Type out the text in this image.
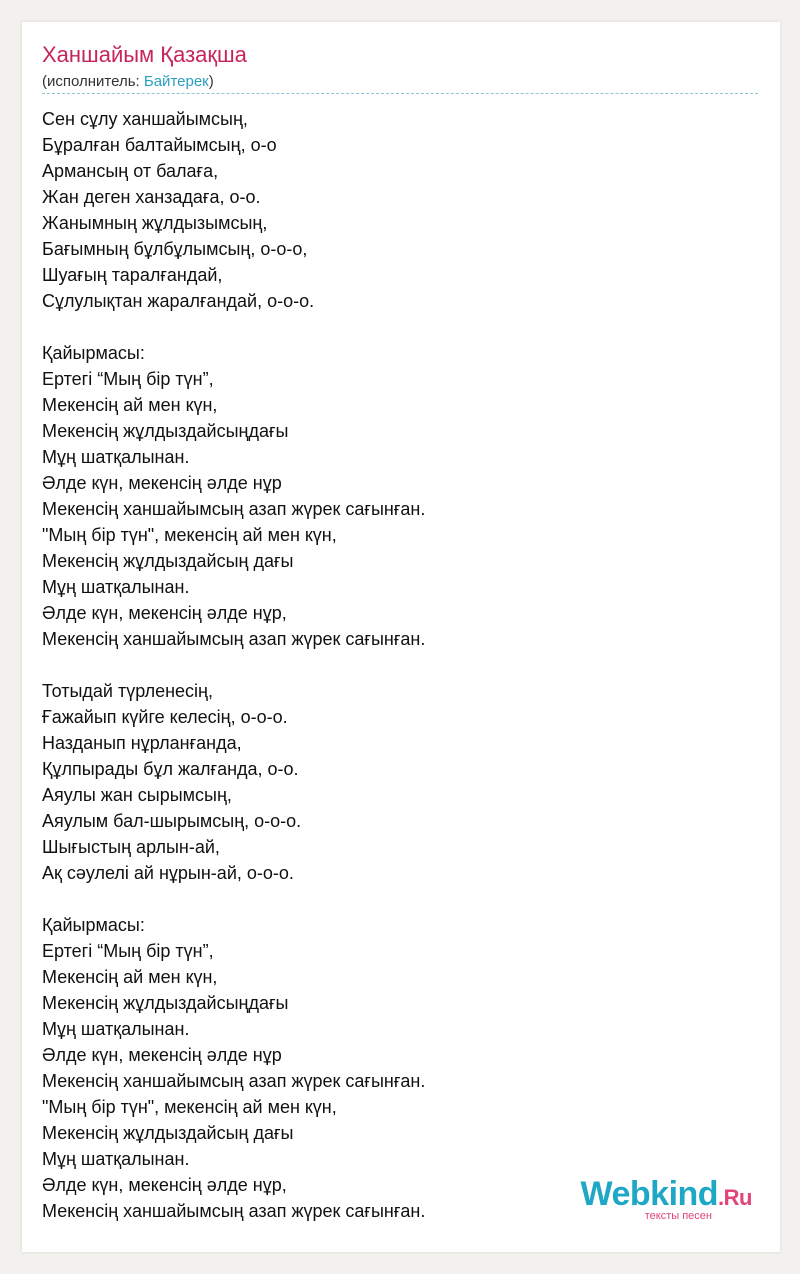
Ханшайым Қазақша
(исполнитель: Байтерек)
Сен сұлу ханшайымсың,
Бұралған балтайымсың, о-о
Армансың от балаға,
Жан деген ханзадаға, о-о.
Жанымның жұлдызымсың,
Бағымның бұлбұлымсың, о-о-о,
Шуағың таралғандай,
Сұлулықтан жаралғандай, о-о-о.
Қайырмасы:
Ертегі “Мың бір түн”,
Мекенсің ай мен күн,
Мекенсің жұлдыздайсыңдағы
Мұң шатқалынан.
Әлде күн, мекенсің әлде нұр
Мекенсің ханшайымсың азап жүрек сағынған.
"Мың бір түн", мекенсің ай мен күн,
Мекенсің жұлдыздайсың дағы
Мұң шатқалынан.
Әлде күн, мекенсің әлде нұр,
Мекенсің ханшайымсың азап жүрек сағынған.
Тотыдай түрленесің,
Ғажайып күйге келесің, о-о-о.
Назданып нұрланғанда,
Құлпырады бұл жалғанда, о-о.
Аяулы жан сырымсың,
Аяулым бал-шырымсың, о-о-о.
Шығыстың арлын-ай,
Ақ сәулелі ай нұрын-ай, о-о-о.
Қайырмасы:
Ертегі “Мың бір түн”,
Мекенсің ай мен күн,
Мекенсің жұлдыздайсыңдағы
Мұң шатқалынан.
Әлде күн, мекенсің әлде нұр
Мекенсің ханшайымсың азап жүрек сағынған.
"Мың бір түн", мекенсің ай мен күн,
Мекенсің жұлдыздайсың дағы
Мұң шатқалынан.
Әлде күн, мекенсің әлде нұр,
Мекенсің ханшайымсың азап жүрек сағынған.	Webkind.Ru
тексты песен
